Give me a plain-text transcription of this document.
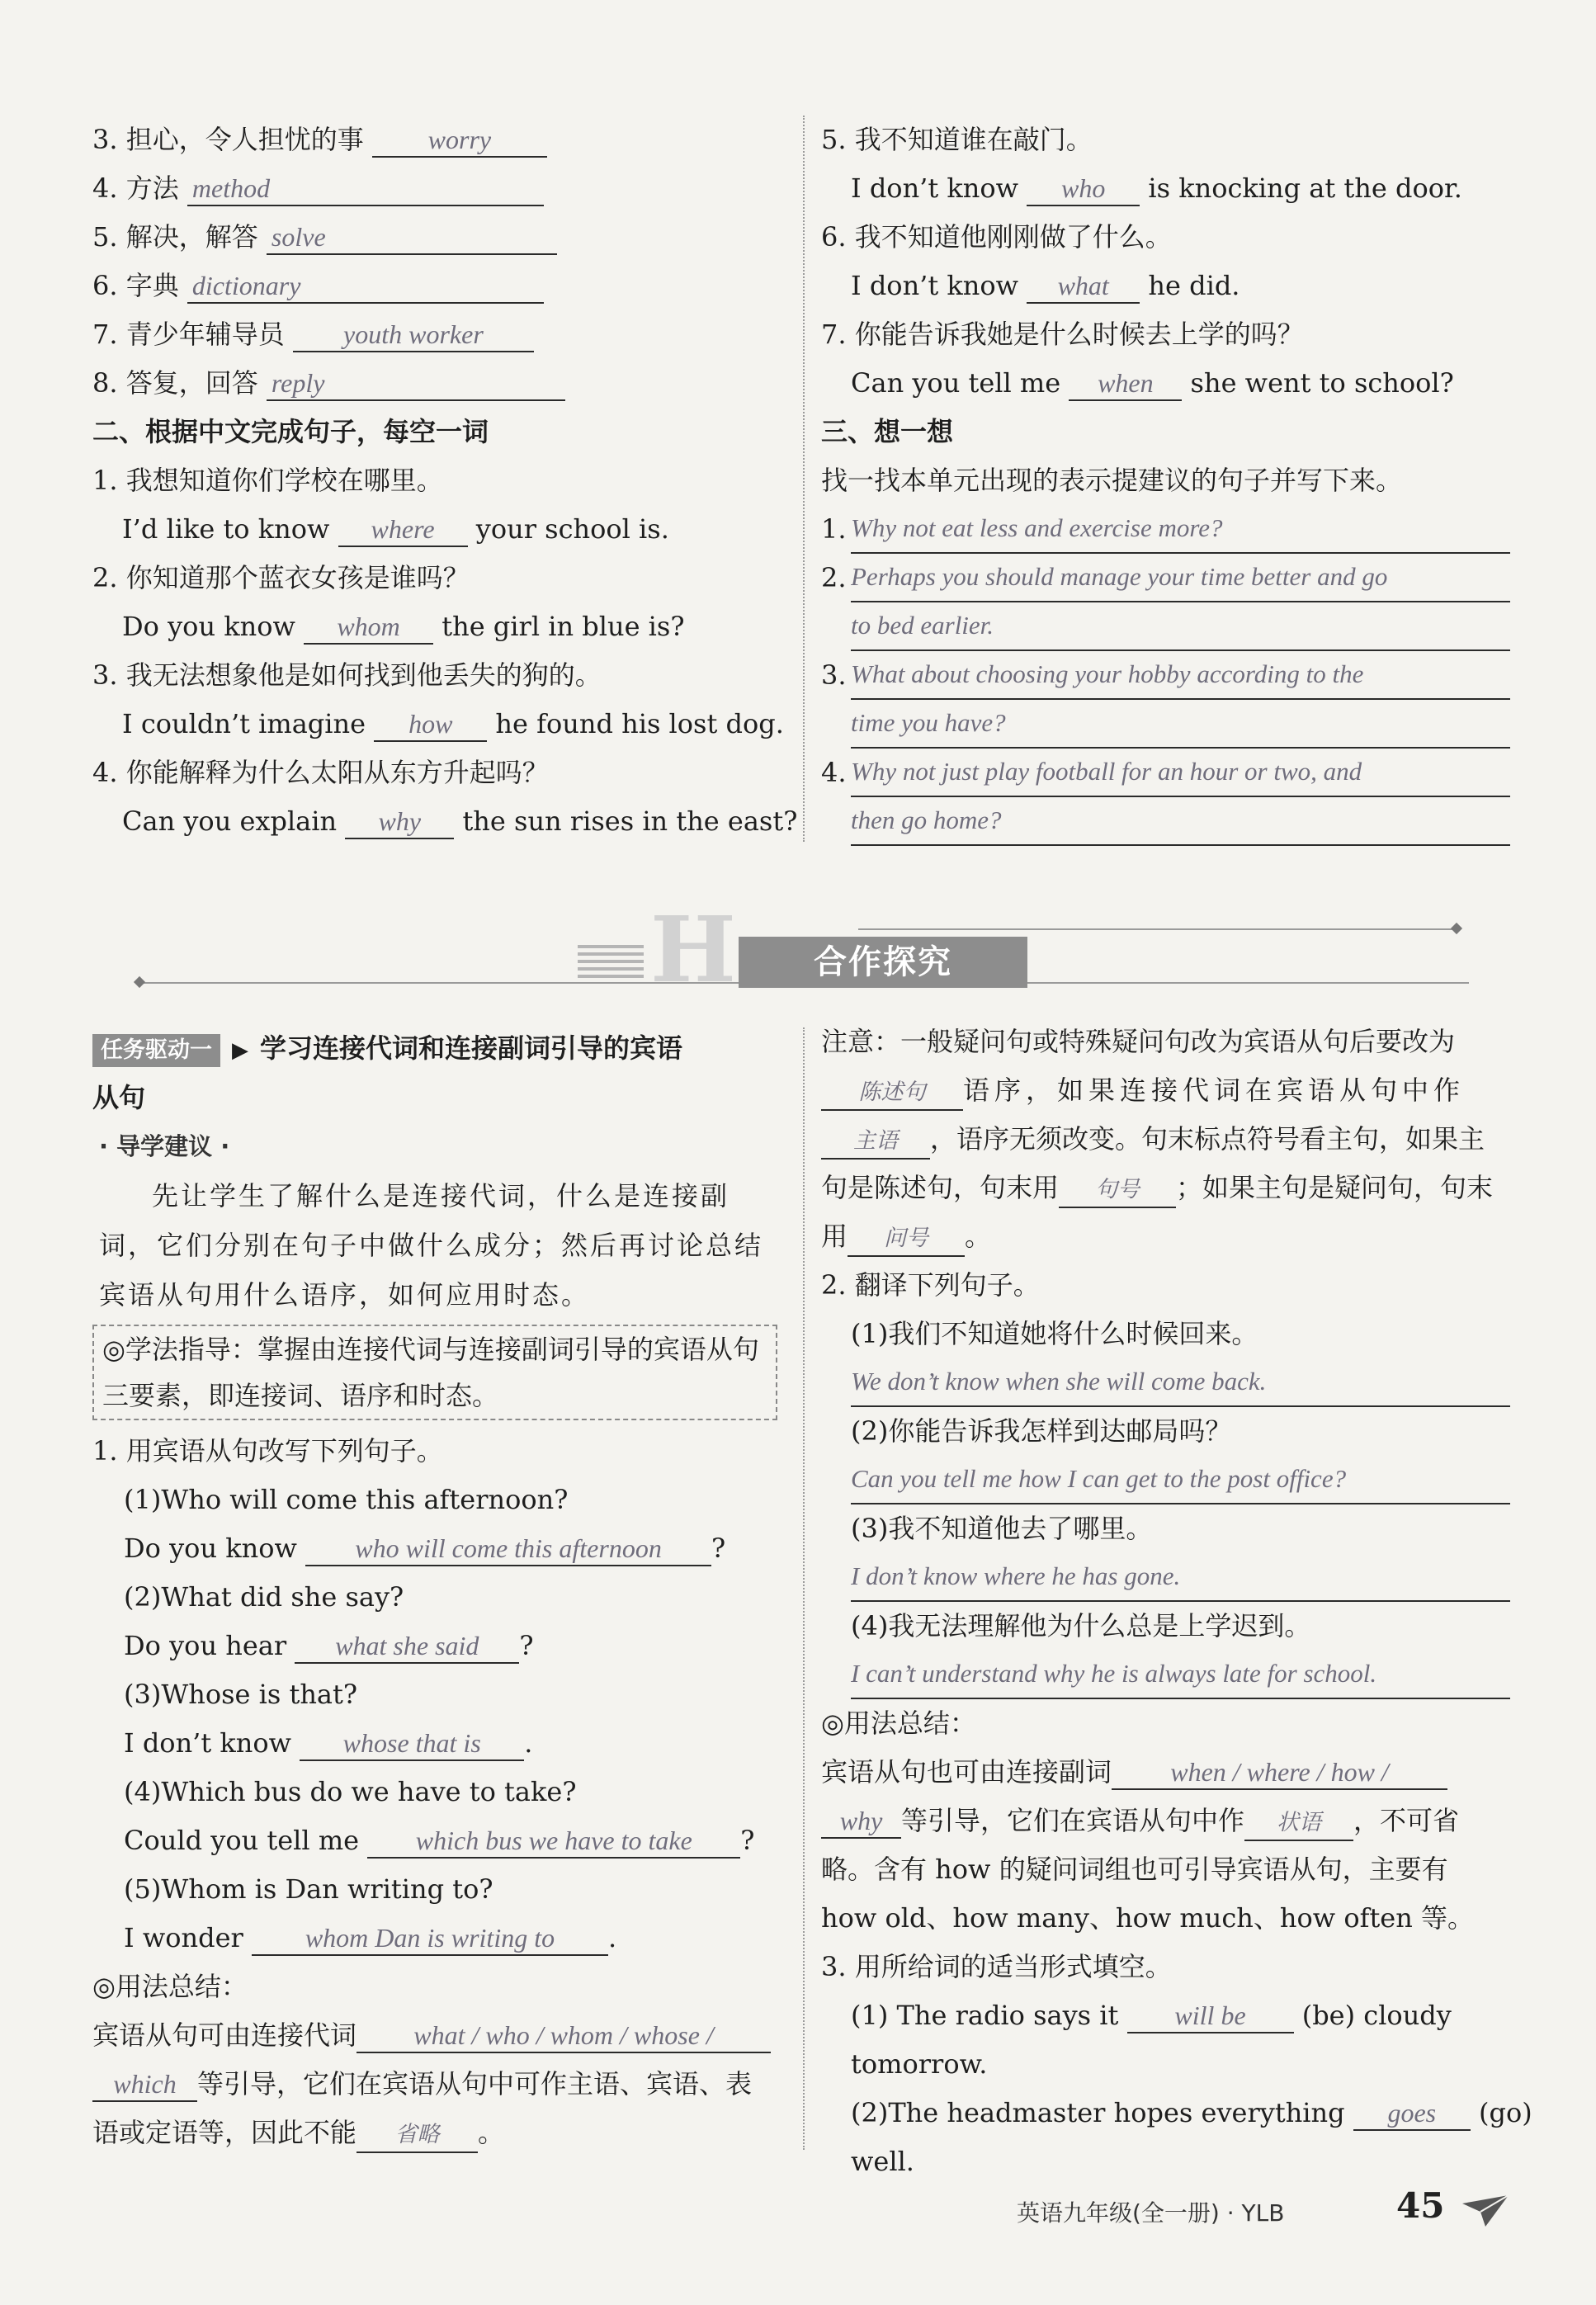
3. 担心，令人担忧的事 worry
4. 方法 method
5. 解决，解答 solve
6. 字典 dictionary
7. 青少年辅导员 youth worker
8. 答复，回答 reply
二、根据中文完成句子，每空一词
1. 我想知道你们学校在哪里。
I’d like to know where your school is.
2. 你知道那个蓝衣女孩是谁吗？
Do you know whom the girl in blue is?
3. 我无法想象他是如何找到他丢失的狗的。
I couldn’t imagine how he found his lost dog.
4. 你能解释为什么太阳从东方升起吗？
Can you explain why the sun rises in the east?
5. 我不知道谁在敲门。
I don’t know who is knocking at the door.
6. 我不知道他刚刚做了什么。
I don’t know what he did.
7. 你能告诉我她是什么时候去上学的吗？
Can you tell me when she went to school?
三、想一想
找一找本单元出现的表示提建议的句子并写下来。
1. Why not eat less and exercise more?
2. Perhaps you should manage your time better and go
to bed earlier.
3. What about choosing your hobby according to the
time you have?
4. Why not just play football for an hour or two, and
then go home?
H	合作探究
任务驱动一 ▶ 学习连接代词和连接副词引导的宾语
从句
· 导学建议 ·
先让学生了解什么是连接代词，什么是连接副词，它们分别在句子中做什么成分；然后再讨论总结宾语从句用什么语序，如何应用时态。
◎学法指导：掌握由连接代词与连接副词引导的宾语从句三要素，即连接词、语序和时态。
1. 用宾语从句改写下列句子。
(1)Who will come this afternoon?
Do you know who will come this afternoon ?
(2)What did she say?
Do you hear what she said ?
(3)Whose is that?
I don’t know whose that is .
(4)Which bus do we have to take?
Could you tell me which bus we have to take ?
(5)Whom is Dan writing to?
I wonder whom Dan is writing to .
◎用法总结：
宾语从句可由连接代词 what / who / whom / whose /
which 等引导，它们在宾语从句中可作主语、宾语、表
语或定语等，因此不能 省略 。
注意：一般疑问句或特殊疑问句改为宾语从句后要改为
陈述句 语序，如果连接代词在宾语从句中作
主语 ，语序无须改变。句末标点符号看主句，如果主
句是陈述句，句末用 句号 ；如果主句是疑问句，句末
用 问号 。
2. 翻译下列句子。
(1)我们不知道她将什么时候回来。
We don’t know when she will come back.
(2)你能告诉我怎样到达邮局吗？
Can you tell me how I can get to the post office?
(3)我不知道他去了哪里。
I don’t know where he has gone.
(4)我无法理解他为什么总是上学迟到。
I can’t understand why he is always late for school.
◎用法总结：
宾语从句也可由连接副词 when / where / how /
why 等引导，它们在宾语从句中作 状语 ，不可省
略。含有 how 的疑问词组也可引导宾语从句，主要有
how old、how many、how much、how often 等。
3. 用所给词的适当形式填空。
(1) The radio says it will be (be) cloudy
tomorrow.
(2)The headmaster hopes everything goes (go)
well.
英语九年级(全一册) · YLB	45
